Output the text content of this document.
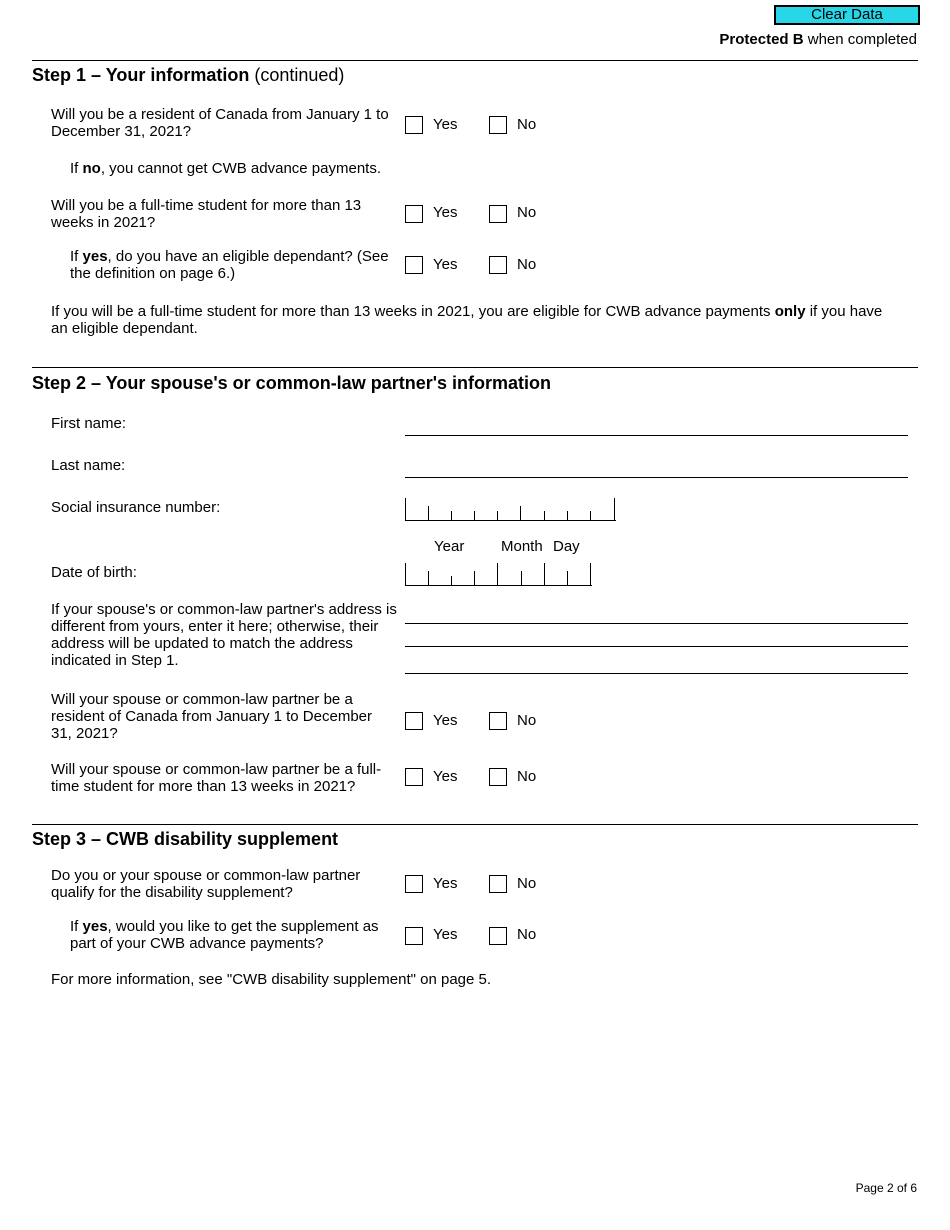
Clear Data
Protected B when completed
Step 1 – Your information (continued)
Will you be a resident of Canada from January 1 to December 31, 2021?	Yes	No
If no, you cannot get CWB advance payments.
Will you be a full-time student for more than 13 weeks in 2021?
Yes	No
If yes, do you have an eligible dependant? (See the definition on page 6.)
Yes	No
If you will be a full-time student for more than 13 weeks in 2021, you are eligible for CWB advance payments only if you have an eligible dependant.
Step 2 – Your spouse's or common-law partner's information
First name:
Last name:
Social insurance number:
Year Month Day
Date of birth:
If your spouse's or common-law partner's address is different from yours, enter it here; otherwise, their address will be updated to match the address indicated in Step 1.
Will your spouse or common-law partner be a resident of Canada from January 1 to December 31, 2021?
Yes	No
Will your spouse or common-law partner be a full-time student for more than 13 weeks in 2021?
Yes	No
Step 3 – CWB disability supplement
Do you or your spouse or common-law partner qualify for the disability supplement?
Yes	No
If yes, would you like to get the supplement as part of your CWB advance payments?
Yes	No
For more information, see "CWB disability supplement" on page 5.
Page 2 of 6
